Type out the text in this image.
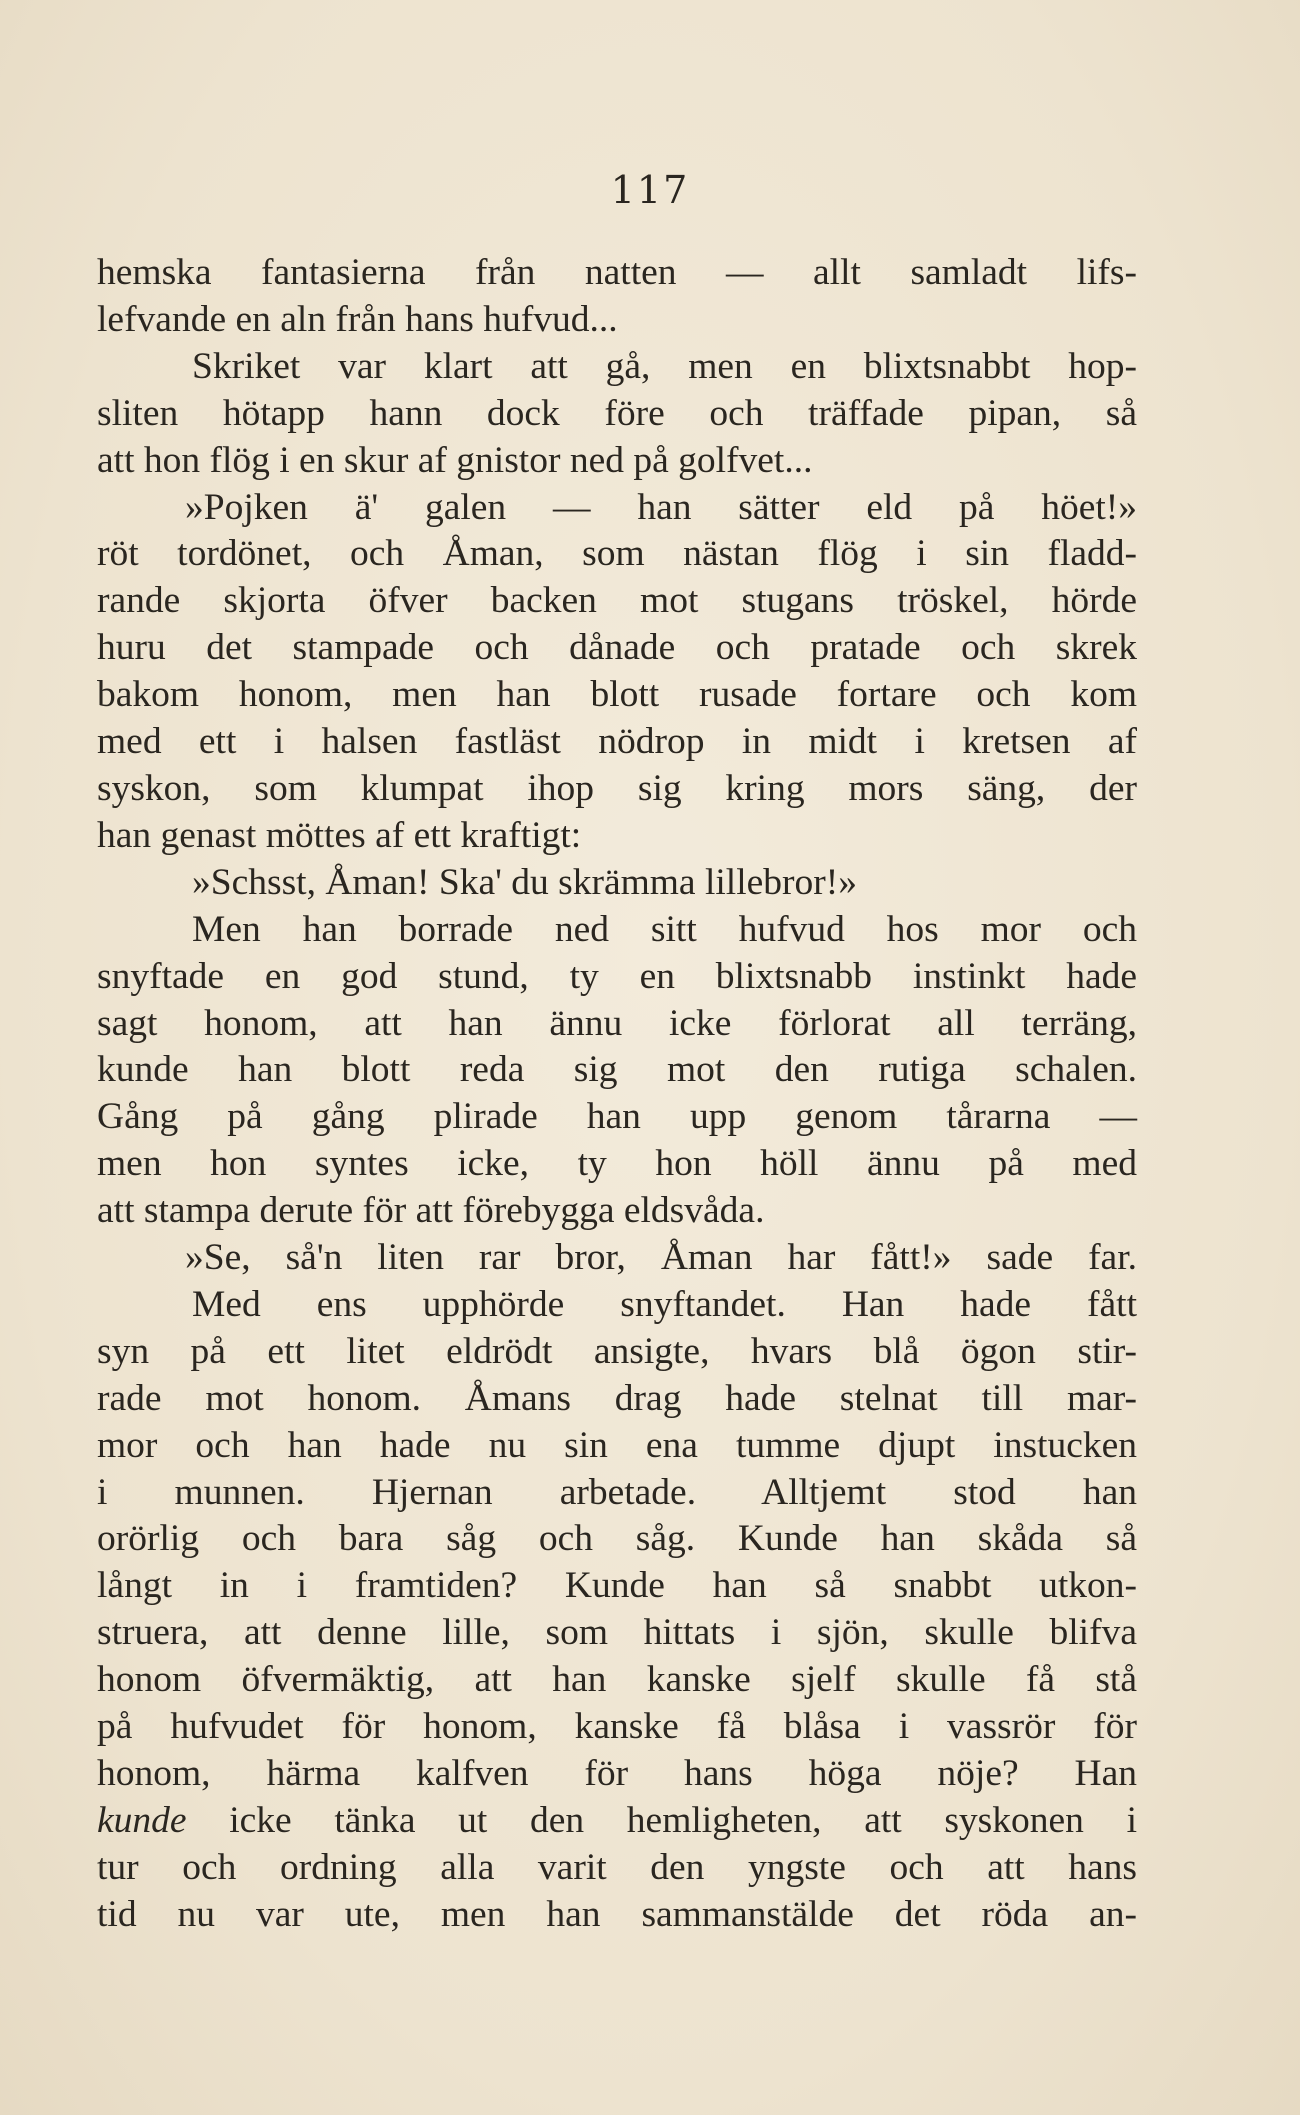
117
hemska fantasierna från natten — allt samladt lifs-
lefvande en aln från hans hufvud...
Skriket var klart att gå, men en blixtsnabbt hop-
sliten hötapp hann dock före och träffade pipan, så
att hon flög i en skur af gnistor ned på golfvet...
»Pojken ä' galen — han sätter eld på höet!»
röt tordönet, och Åman, som nästan flög i sin fladd-
rande skjorta öfver backen mot stugans tröskel, hörde
huru det stampade och dånade och pratade och skrek
bakom honom, men han blott rusade fortare och kom
med ett i halsen fastläst nödrop in midt i kretsen af
syskon, som klumpat ihop sig kring mors säng, der
han genast möttes af ett kraftigt:
»Schsst, Åman! Ska' du skrämma lillebror!»
Men han borrade ned sitt hufvud hos mor och
snyftade en god stund, ty en blixtsnabb instinkt hade
sagt honom, att han ännu icke förlorat all terräng,
kunde han blott reda sig mot den rutiga schalen.
Gång på gång plirade han upp genom tårarna —
men hon syntes icke, ty hon höll ännu på med
att stampa derute för att förebygga eldsvåda.
»Se, så'n liten rar bror, Åman har fått!» sade far.
Med ens upphörde snyftandet. Han hade fått
syn på ett litet eldrödt ansigte, hvars blå ögon stir-
rade mot honom. Åmans drag hade stelnat till mar-
mor och han hade nu sin ena tumme djupt instucken
i munnen. Hjernan arbetade. Alltjemt stod han
orörlig och bara såg och såg. Kunde han skåda så
långt in i framtiden? Kunde han så snabbt utkon-
struera, att denne lille, som hittats i sjön, skulle blifva
honom öfvermäktig, att han kanske sjelf skulle få stå
på hufvudet för honom, kanske få blåsa i vassrör för
honom, härma kalfven för hans höga nöje? Han
kunde icke tänka ut den hemligheten, att syskonen i
tur och ordning alla varit den yngste och att hans
tid nu var ute, men han sammanstälde det röda an-
